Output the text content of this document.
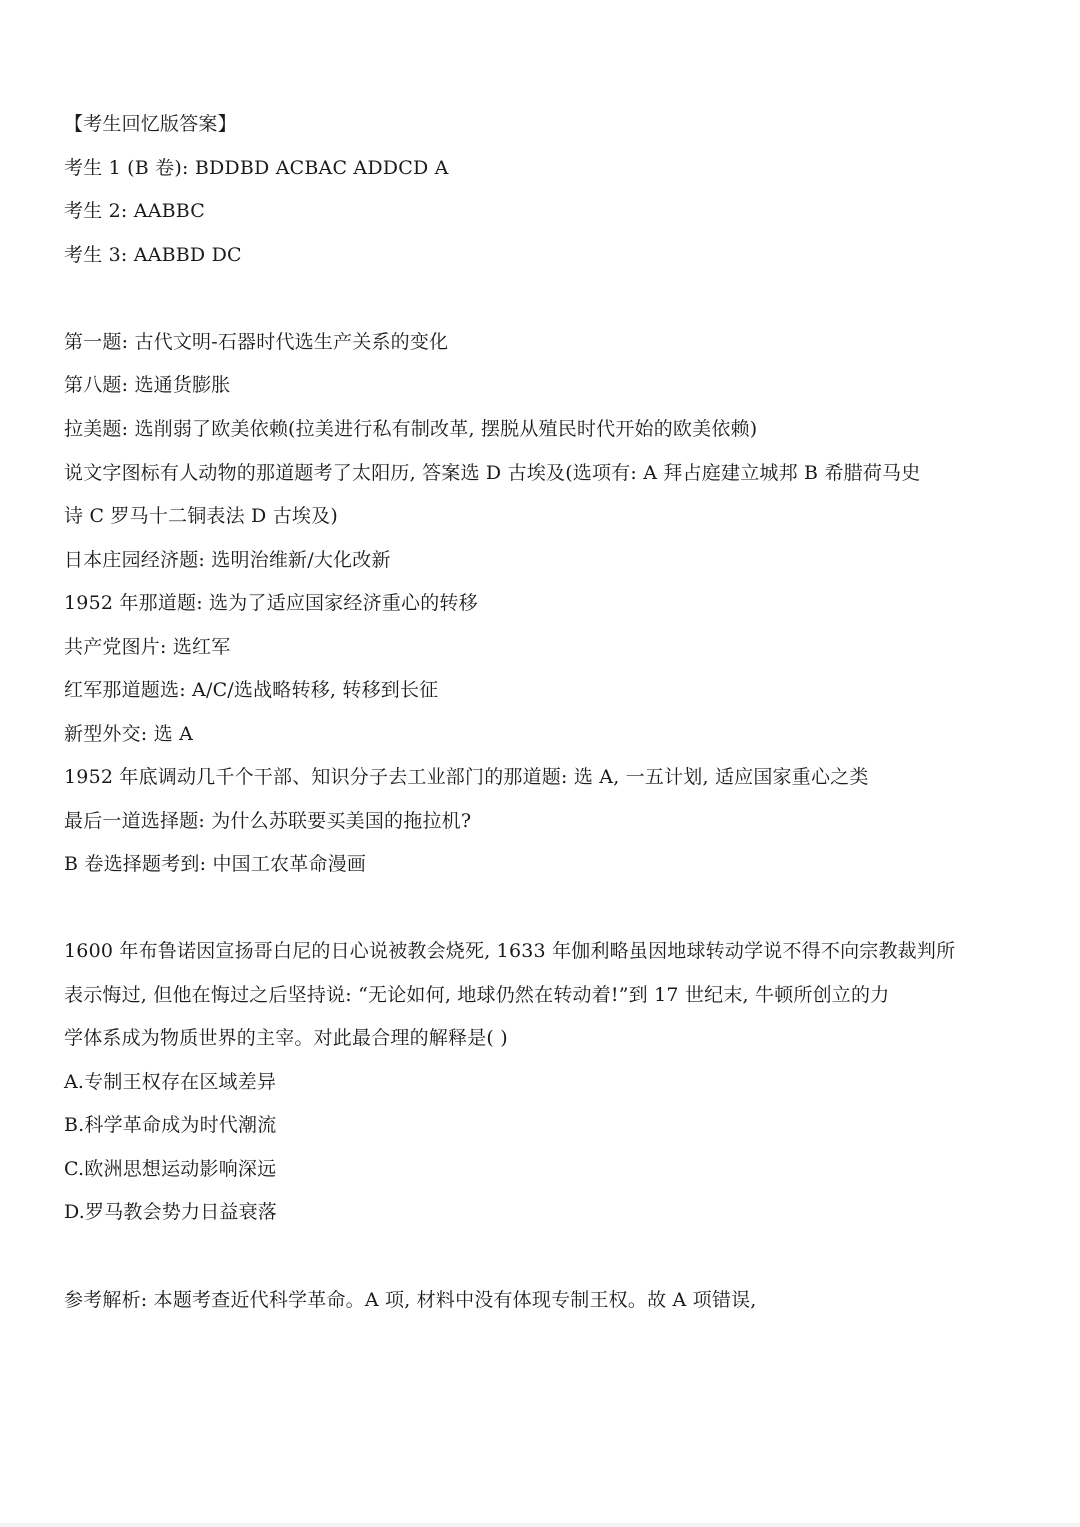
【考生回忆版答案】
考生 1 (B 卷): BDDBD ACBAC ADDCD A
考生 2: AABBC
考生 3: AABBD DC
第一题: 古代文明-石器时代选生产关系的变化
第八题: 选通货膨胀
拉美题: 选削弱了欧美依赖(拉美进行私有制改革, 摆脱从殖民时代开始的欧美依赖)
说文字图标有人动物的那道题考了太阳历, 答案选 D 古埃及(选项有: A 拜占庭建立城邦 B 希腊荷马史
诗 C 罗马十二铜表法 D 古埃及)
日本庄园经济题: 选明治维新/大化改新
1952 年那道题: 选为了适应国家经济重心的转移
共产党图片: 选红军
红军那道题选: A/C/选战略转移, 转移到长征
新型外交: 选 A
1952 年底调动几千个干部、知识分子去工业部门的那道题: 选 A, 一五计划, 适应国家重心之类
最后一道选择题: 为什么苏联要买美国的拖拉机?
B 卷选择题考到: 中国工农革命漫画
1600 年布鲁诺因宣扬哥白尼的日心说被教会烧死, 1633 年伽利略虽因地球转动学说不得不向宗教裁判所
表示悔过, 但他在悔过之后坚持说: “无论如何, 地球仍然在转动着!”到 17 世纪末, 牛顿所创立的力
学体系成为物质世界的主宰。对此最合理的解释是( )
A.专制王权存在区域差异
B.科学革命成为时代潮流
C.欧洲思想运动影响深远
D.罗马教会势力日益衰落
参考解析: 本题考查近代科学革命。A 项, 材料中没有体现专制王权。故 A 项错误,
